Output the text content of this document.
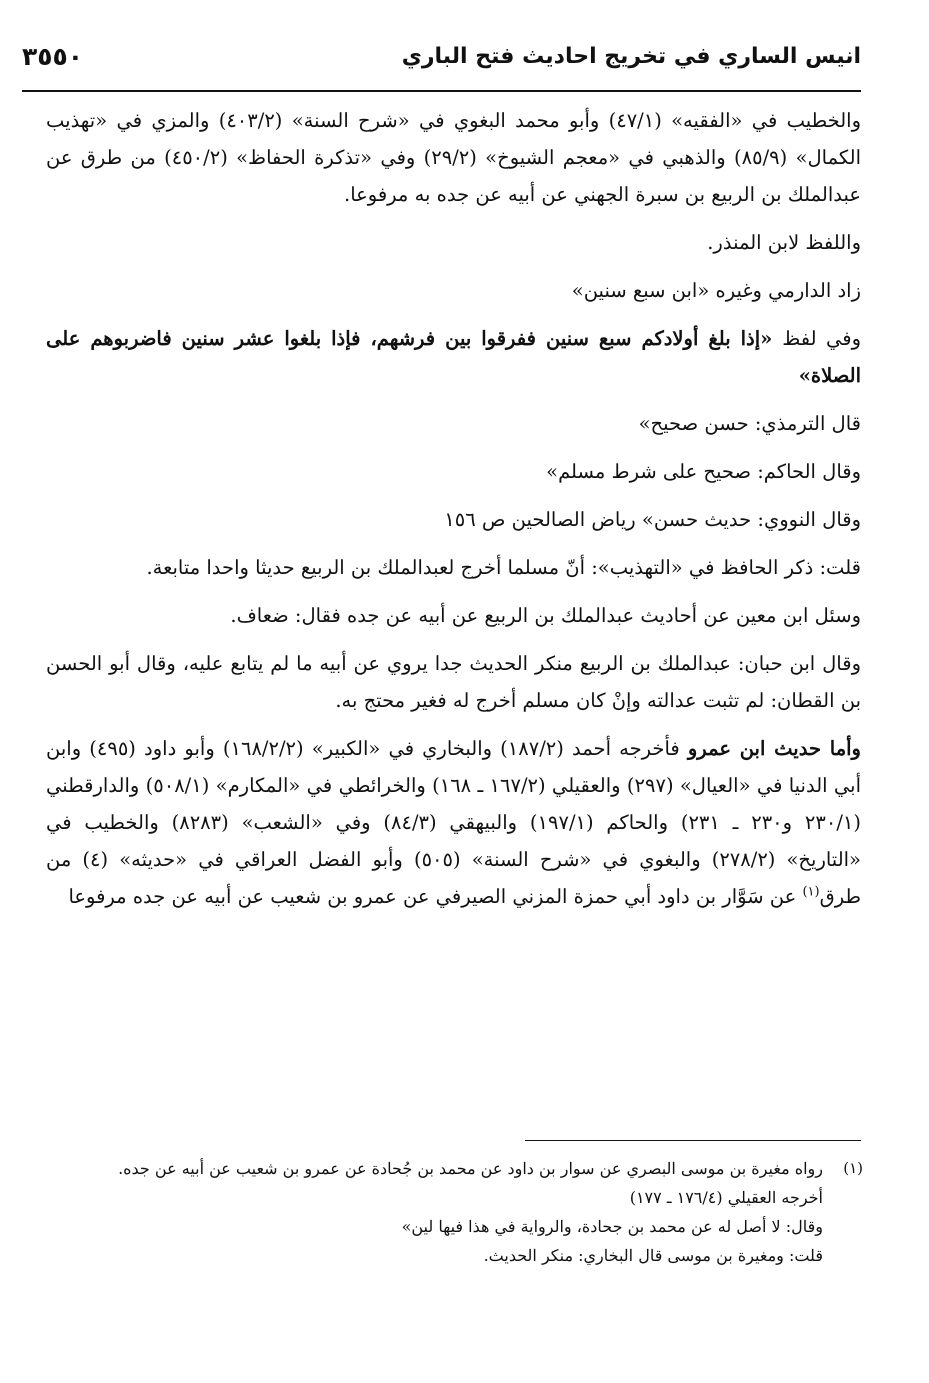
انيس الساري في تخريج احاديث فتح الباري
٣٥٥٠

والخطيب في «الفقيه» (٤٧/١) وأبو محمد البغوي في «شرح السنة» (٤٠٣/٢) والمزي في «تهذيب الكمال» (٨٥/٩) والذهبي في «معجم الشيوخ» (٢٩/٢) وفي «تذكرة الحفاظ» (٤٥٠/٢) من طرق عن عبدالملك بن الربيع بن سبرة الجهني عن أبيه عن جده به مرفوعا.

واللفظ لابن المنذر.

زاد الدارمي وغيره «ابن سبع سنين»

وفي لفظ «إذا بلغ أولادكم سبع سنين ففرقوا بين فرشهم، فإذا بلغوا عشر سنين فاضربوهم على الصلاة»

قال الترمذي: حسن صحيح»

وقال الحاكم: صحيح على شرط مسلم»

وقال النووي: حديث حسن» رياض الصالحين ص ١٥٦

قلت: ذكر الحافظ في «التهذيب»: أنّ مسلما أخرج لعبدالملك بن الربيع حديثا واحدا متابعة.

وسئل ابن معين عن أحاديث عبدالملك بن الربيع عن أبيه عن جده فقال: ضعاف.

وقال ابن حبان: عبدالملك بن الربيع منكر الحديث جدا يروي عن أبيه ما لم يتابع عليه، وقال أبو الحسن بن القطان: لم تثبت عدالته وإنْ كان مسلم أخرج له فغير محتج به.

وأما حديث ابن عمرو فأخرجه أحمد (١٨٧/٢) والبخاري في «الكبير» (١٦٨/٢/٢) وأبو داود (٤٩٥) وابن أبي الدنيا في «العيال» (٢٩٧) والعقيلي (١٦٧/٢ ـ ١٦٨) والخرائطي في «المكارم» (٥٠٨/١) والدارقطني (٢٣٠/١ و٢٣٠ ـ ٢٣١) والحاكم (١٩٧/١) والبيهقي (٨٤/٣) وفي «الشعب» (٨٢٨٣) والخطيب في «التاريخ» (٢٧٨/٢) والبغوي في «شرح السنة» (٥٠٥) وأبو الفضل العراقي في «حديثه» (٤) من طرق$^{(١)}$ عن سَوَّار بن داود أبي حمزة المزني الصيرفي عن عمرو بن شعيب عن أبيه عن جده مرفوعا

(١)

رواه مغيرة بن موسى البصري عن سوار بن داود عن محمد بن جُحادة عن عمرو بن شعيب عن أبيه عن جده.

أخرجه العقيلي (١٧٦/٤ ـ ١٧٧)

وقال: لا أصل له عن محمد بن جحادة، والرواية في هذا فيها لين»

قلت: ومغيرة بن موسى قال البخاري: منكر الحديث.
